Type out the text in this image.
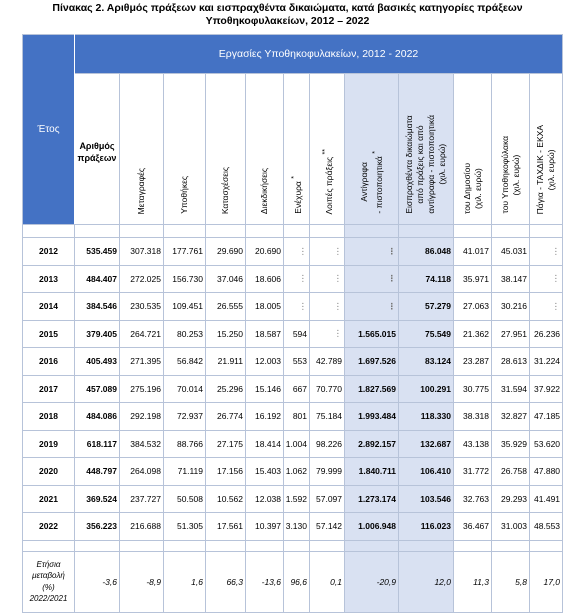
Πίνακας 2. Αριθμός πράξεων και εισπραχθέντα δικαιώματα, κατά βασικές κατηγορίες πράξεων
Υποθηκοφυλακείων, 2012 – 2022
Έτος	Εργασίες Υποθηκοφυλακείων, 2012 - 2022											

	Αριθμός πράξεων	Μεταγραφές	Υποθήκες	Κατασχέσεις	Διεκδικήσεις	Ενέχυρα *	Λοιπές πράξεις **	Αντίγραφα - πιστοποιητικά *	Εισπραχθέντα δικαιώματα
από πράξεις και από
αντίγραφα - πιστοποιητικά
(χιλ. ευρώ)	του Δημοσίου
(χιλ. ευρώ)	του Υποθηκοφύλακα
(χιλ. ευρώ)	Πάγια - ΤΑΧΔΙΚ - ΕΚΧΑ
(χιλ. ευρώ)

2012	535.459	307.318	177.761	29.690	20.690	⋮	⋮	⋮	86.048	41.017	45.031	⋮
2013	484.407	272.025	156.730	37.046	18.606	⋮	⋮	⋮	74.118	35.971	38.147	⋮
2014	384.546	230.535	109.451	26.555	18.005	⋮	⋮	⋮	57.279	27.063	30.216	⋮
2015	379.405	264.721	80.253	15.250	18.587	594	⋮	1.565.015	75.549	21.362	27.951	26.236
2016	405.493	271.395	56.842	21.911	12.003	553	42.789	1.697.526	83.124	23.287	28.613	31.224
2017	457.089	275.196	70.014	25.296	15.146	667	70.770	1.827.569	100.291	30.775	31.594	37.922
2018	484.086	292.198	72.937	26.774	16.192	801	75.184	1.993.484	118.330	38.318	32.827	47.185
2019	618.117	384.532	88.766	27.175	18.414	1.004	98.226	2.892.157	132.687	43.138	35.929	53.620
2020	448.797	264.098	71.119	17.156	15.403	1.062	79.999	1.840.711	106.410	31.772	26.758	47.880
2021	369.524	237.727	50.508	10.562	12.038	1.592	57.097	1.273.174	103.546	32.763	29.293	41.491
2022	356.223	216.688	51.305	17.561	10.397	3.130	57.142	1.006.948	116.023	36.467	31.003	48.553

Ετήσια
μεταβολή
(%)
2022/2021	-3,6	-8,9	1,6	66,3	-13,6	96,6	0,1	-20,9	12,0	11,3	5,8	17,0
